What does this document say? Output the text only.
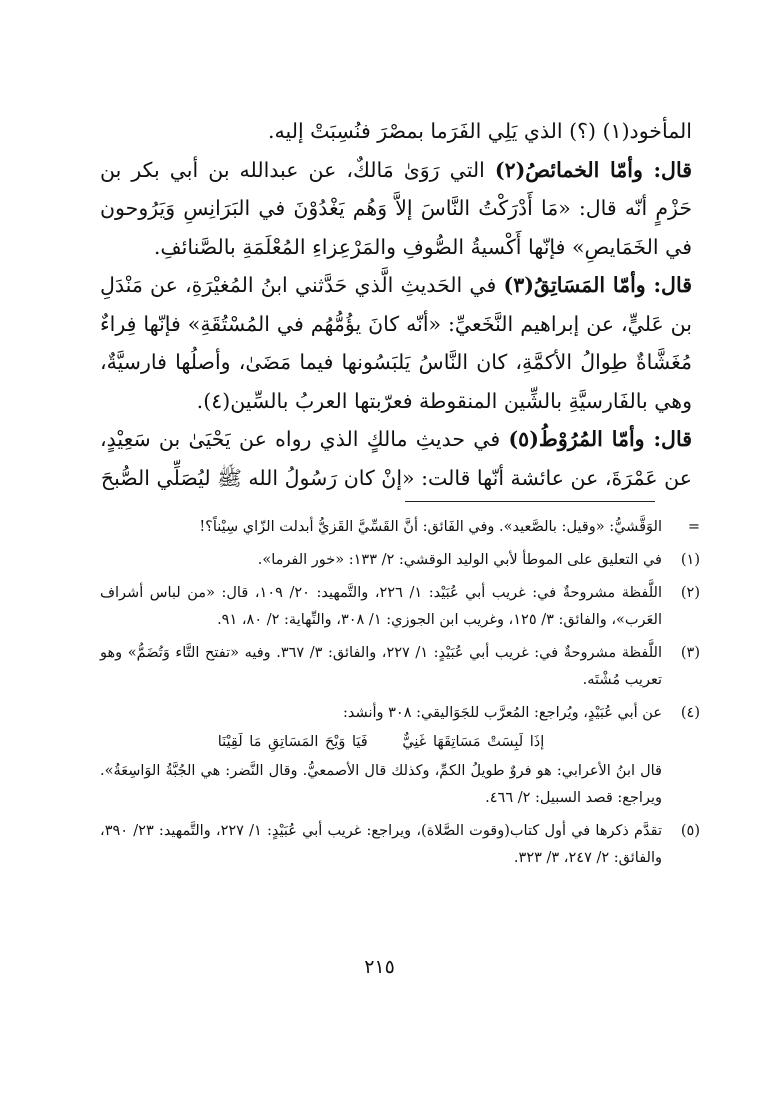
المأخود(١) (؟) الذي يَلِي الفَرَما بمصْرَ فنُسِبَتْ إليه.

قال: وأمّا الخمائصُ(٢) التي رَوَىٰ مَالكٌ، عن عبدالله بن أبي بكر بن حَزْمٍ أنّه قال: «مَا أَدْرَكْتُ النَّاسَ إلاَّ وَهُم يَغْدُوْنَ في البَرَانِسِ وَيَرُوحون في الخَمَايصِ» فإنّها أَكْسيةُ الصُّوفِ والمَرْعِزاءِ المُعْلَمَةِ بالصَّنائفِ.

قال: وأمّا المَسَاتِقُ(٣) في الحَديثِ الَّذي حَدَّثني ابنُ المُغيْرَةِ، عن مَنْدَلِ بن عَليٍّ، عن إبراهيم النَّخَعيِّ: «أنّه كانَ يؤُمُّهُم في المُسْتُقَةِ» فإنّها فِراءٌ مُغَشَّاةٌ طِوالُ الأكمَّةِ، كان النَّاسُ يَلبَسُونها فيما مَضَىٰ، وأصلُها فارسيَّةٌ، وهي بالفَارسيَّةِ بالشِّين المنقوطة فعرّبتها العربُ بالسِّين(٤).

قال: وأمّا المُرُوْطُ(٥) في حديثِ مالكٍ الذي رواه عن يَحْيَىٰ بن سَعِيْدٍ، عن عَمْرَةَ، عن عائشة أنّها قالت: «إنْ كان رَسُولُ الله ﷺ ليُصَلِّي الصُّبحَ

=
الوَقَّشيُّ: «وقيل: بالصَّعيد». وفي الفَائق: أنَّ القَسِّيَّ القَزيُّ أبدلت الزّاي سِيْناً؟!
(١)
في التعليق على الموطأ لأبي الوليد الوقشي: ٢/ ١٣٣: «خور الفرما».
(٢)
اللَّفظة مشروحةٌ في: غريب أبي عُبَيْد: ١/ ٢٢٦، والتَّمهيد: ٢٠/ ١٠٩، قال: «من لباس أشراف العَرب»، والفائق: ٣/ ١٢٥، وغريب ابن الجوزي: ١/ ٣٠٨، والنِّهاية: ٢/ ٨٠، ٩١.
(٣)
اللَّفظة مشروحةٌ في: غريب أبي عُبَيْدٍ: ١/ ٢٢٧، والفائق: ٣/ ٣٦٧. وفيه «تفتح التَّاء وَتُضَمُّ» وهو تعريب مُشْتَه.
(٤)
عن أبي عُبَيْدٍ، ويُراجع: المُعرَّب للجَوَاليقي: ٣٠٨ وأنشد:
إذَا لَبِسَتْ مَسَاتِقَهَا غَنِيٌّ فَيَا وَيْحَ المَسَاتِقِ مَا لَقِيْنَا
قال ابنُ الأعرابي: هو فروٌ طويلُ الكمِّ، وكذلك قال الأصمعيُّ. وقال النَّضر: هي الجُبَّةُ الوَاسِعَةُ». ويراجع: قصد السبيل: ٢/ ٤٦٦.
(٥)
تقدَّم ذكرها في أول كتاب(وقوت الصَّلاة)، ويراجع: غريب أبي عُبَيْدٍ: ١/ ٢٢٧، والتَّمهيد: ٢٣/ ٣٩٠، والفائق: ٢/ ٢٤٧، ٣/ ٣٢٣.
٢١٥
